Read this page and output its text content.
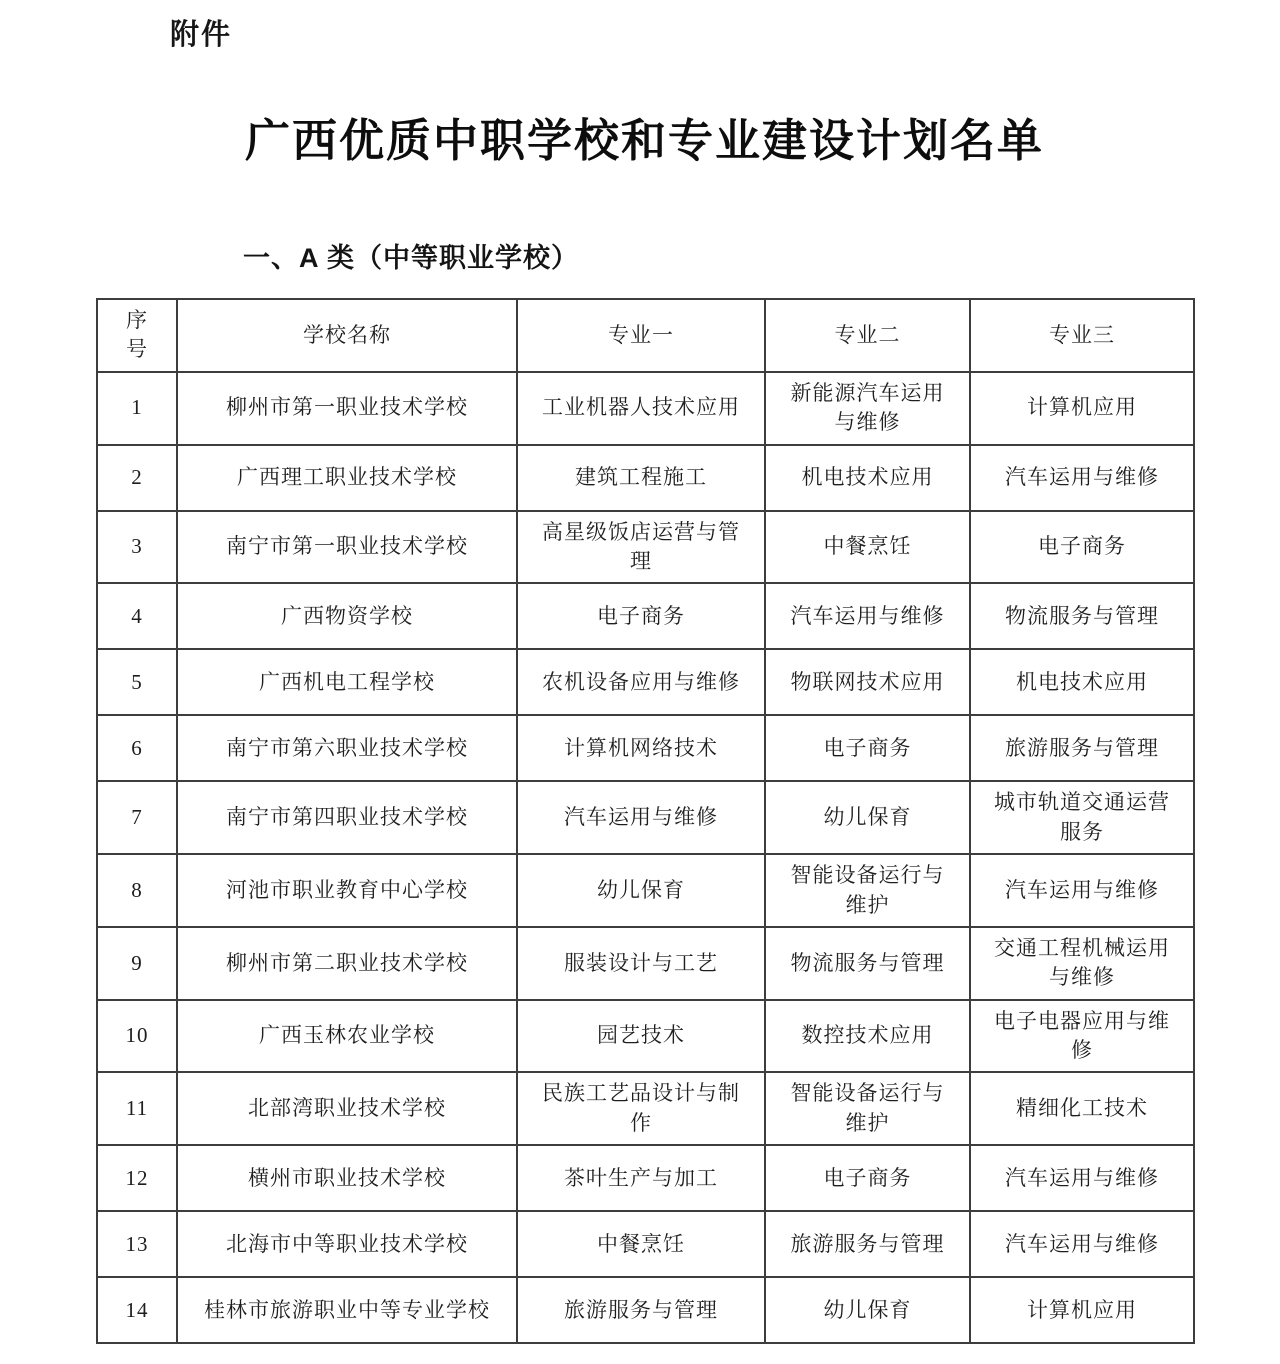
附件

广西优质中职学校和专业建设计划名单
一、A 类（中等职业学校）
序号	学校名称	专业一	专业二	专业三
1	柳州市第一职业技术学校	工业机器人技术应用	新能源汽车运用与维修	计算机应用
2	广西理工职业技术学校	建筑工程施工	机电技术应用	汽车运用与维修
3	南宁市第一职业技术学校	高星级饭店运营与管理	中餐烹饪	电子商务
4	广西物资学校	电子商务	汽车运用与维修	物流服务与管理
5	广西机电工程学校	农机设备应用与维修	物联网技术应用	机电技术应用
6	南宁市第六职业技术学校	计算机网络技术	电子商务	旅游服务与管理
7	南宁市第四职业技术学校	汽车运用与维修	幼儿保育	城市轨道交通运营服务
8	河池市职业教育中心学校	幼儿保育	智能设备运行与维护	汽车运用与维修
9	柳州市第二职业技术学校	服装设计与工艺	物流服务与管理	交通工程机械运用与维修
10	广西玉林农业学校	园艺技术	数控技术应用	电子电器应用与维修
11	北部湾职业技术学校	民族工艺品设计与制作	智能设备运行与维护	精细化工技术
12	横州市职业技术学校	茶叶生产与加工	电子商务	汽车运用与维修
13	北海市中等职业技术学校	中餐烹饪	旅游服务与管理	汽车运用与维修
14	桂林市旅游职业中等专业学校	旅游服务与管理	幼儿保育	计算机应用
